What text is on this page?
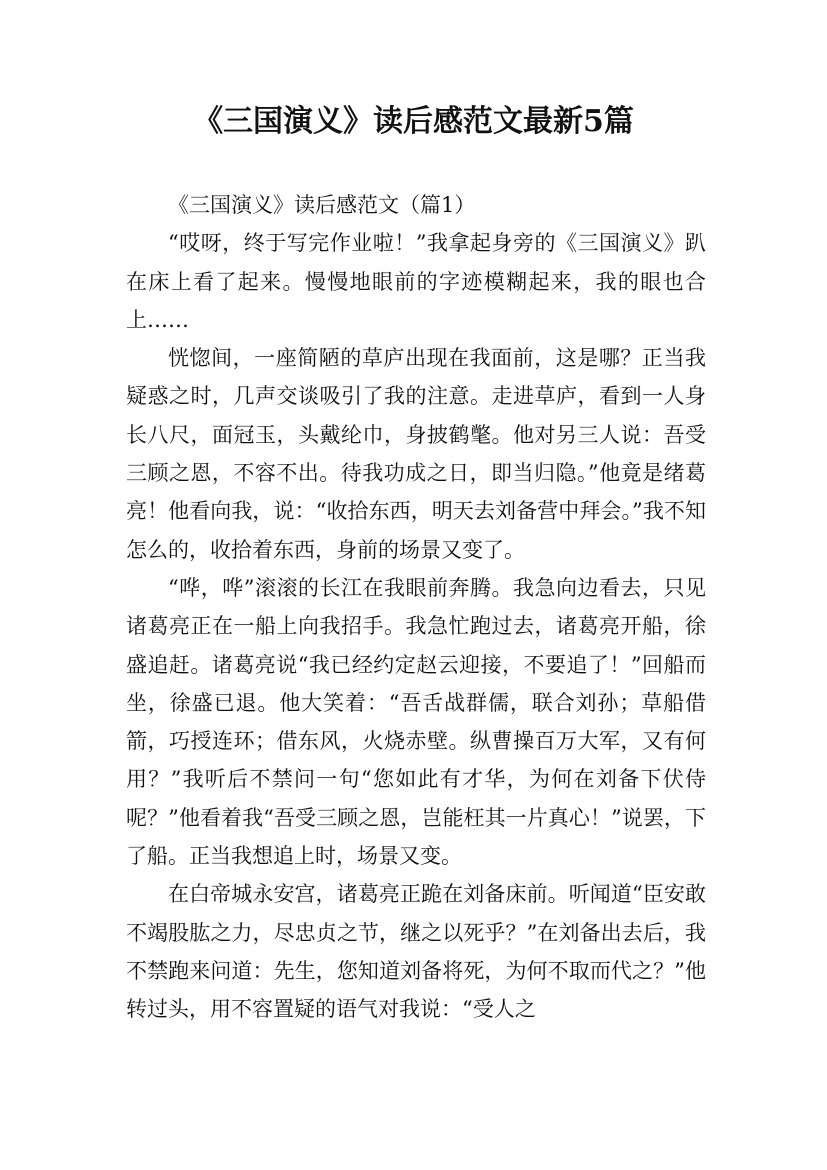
《三国演义》读后感范文最新5篇

《三国演义》读后感范文（篇1）

“哎呀，终于写完作业啦！”我拿起身旁的《三国演义》趴在床上看了起来。慢慢地眼前的字迹模糊起来，我的眼也合上……

恍惚间，一座简陋的草庐出现在我面前，这是哪？正当我疑惑之时，几声交谈吸引了我的注意。走进草庐，看到一人身长八尺，面冠玉，头戴纶巾，身披鹤氅。他对另三人说：吾受三顾之恩，不容不出。待我功成之日，即当归隐。”他竟是绪葛亮！他看向我，说：“收拾东西，明天去刘备营中拜会。”我不知怎么的，收拾着东西，身前的场景又变了。

“哗，哗”滚滚的长江在我眼前奔腾。我急向边看去，只见诸葛亮正在一船上向我招手。我急忙跑过去，诸葛亮开船，徐盛追赶。诸葛亮说“我已经约定赵云迎接，不要追了！”回船而坐，徐盛已退。他大笑着：“吾舌战群儒，联合刘孙；草船借箭，巧授连环；借东风，火烧赤壁。纵曹操百万大军，又有何用？”我听后不禁问一句“您如此有才华，为何在刘备下伏侍呢？”他看着我“吾受三顾之恩，岂能枉其一片真心！”说罢，下了船。正当我想追上时，场景又变。

在白帝城永安宫，诸葛亮正跪在刘备床前。听闻道“臣安敢不竭股肱之力，尽忠贞之节，继之以死乎？”在刘备出去后，我不禁跑来问道：先生，您知道刘备将死，为何不取而代之？”他转过头，用不容置疑的语气对我说：“受人之
